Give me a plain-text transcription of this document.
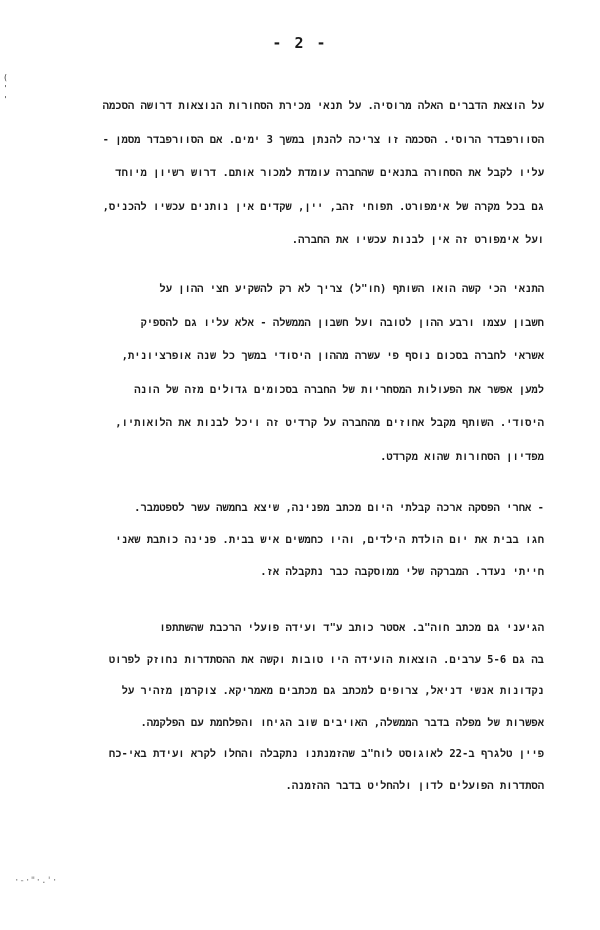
- 2 -
(
'
'
על הוצאת הדברים האלה מרוסיה. על תנאי מכירת הסחורות הנוצאות דרושה הסכמה
הסוורפבדר הרוסי. הסכמה זו צריכה להנתן במשך 3 ימים. אם הסוורפבדר מסמן -
עליו לקבל את הסחורה בתנאים שהחברה עומדת למכור אותם. דרוש רשיון מיוחד
גם בכל מקרה של אימפורט. תפוחי זהב, יין, שקדים אין נותנים עכשיו להכניס,
ועל אימפורט זה אין לבנות עכשיו את החברה.
התנאי הכי קשה הואו השותף (חו"ל) צריך לא רק להשקיע חצי ההון על
חשבון עצמו ורבע ההון לטובה ועל חשבון הממשלה - אלא עליו גם להספיק
אשראי לחברה בסכום נוסף פי עשרה מההון היסודי במשך כל שנה אופרציונית,
למען אפשר את הפעולות המסחריות של החברה בסכומים גדולים מזה של הונה
היסודי. השותף מקבל אחוזים מהחברה על קרדיט זה ויכל לבנות את הלואותיו,
מפדיון הסחורות שהוא מקרדט.
- אחרי הפסקה ארכה קבלתי היום מכתב מפנינה, שיצא בחמשה עשר לספטמבר.
חגו בבית את יום הולדת הילדים, והיו כחמשים איש בבית. פנינה כותבת שאני
חייתי נעדר. המברקה שלי ממוסקבה כבר נתקבלה אז.
הגיעני גם מכתב חוה"ב. אסטר כותב ע"ד ועידה פועלי הרכבת שהשתתפו
בה גם 5-6 ערבים. הוצאות הועידה היו טובות וקשה את ההסתדרות נחוזק לפרוט
נקדונות אנשי דניאל, צרופים למכתב גם מכתבים מאמריקא. צוקרמן מזהיר על
אפשרות של מפלה בדבר הממשלה, האויבים שוב הגיחו והפלחמת עם הפלקמה.
פיין טלגרף ב-22 לאוגוסט לוח"ב שהזמנתנו נתקבלה והחלו לקרא ועידת באי-כח
הסתדרות הפועלים לדון ולהחליט בדבר ההזמנה.
·-·"·.'·
